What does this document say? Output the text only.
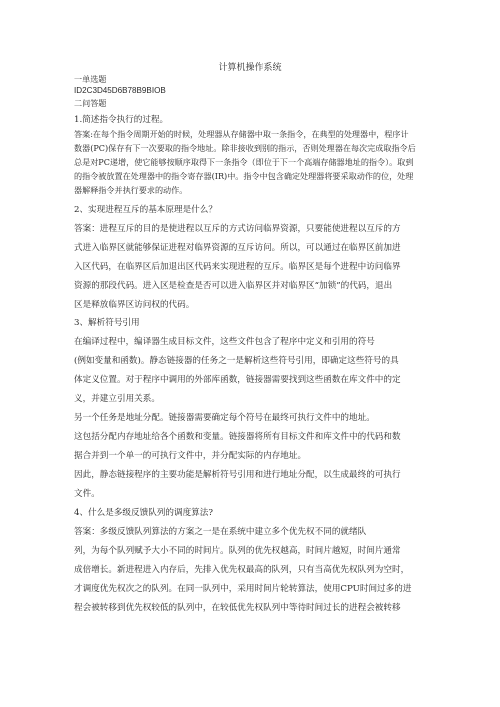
计算机操作系统
一单选题
ID2C3D45D6B78B9BIOB
二问答题
1.简述指令执行的过程。
答案:在每个指令周期开始的时候，处理器从存储器中取一条指令，在典型的处理器中，程序计
数器(PC)保存有下一次要取的指令地址。除非接收到别的指示，否则处理器在每次完成取指令后
总是对PC递增，使它能够按顺序取得下一条指令（即位于下一个高端存储器地址的指令）。取到
的指令被放置在处理器中的指令寄存器(IR)中。指令中包含确定处理器将要采取动作的位，处理
器解释指令并执行要求的动作。
2、实现进程互斥的基本原理是什么？
答案：进程互斥的目的是使进程以互斥的方式访问临界资源，只要能使进程以互斥的方
式进入临界区就能够保证进程对临界资源的互斥访问。所以，可以通过在临界区前加进
入区代码，在临界区后加退出区代码来实现进程的互斥。临界区是每个进程中访问临界
资源的那段代码。进入区是检查是否可以进入临界区并对临界区“加锁”的代码，退出
区是释放临界区访问权的代码。
3、解析符号引用
在编译过程中，编译器生成目标文件，这些文件包含了程序中定义和引用的符号
(例如变量和函数)。静态链接器的任务之一是解析这些符号引用，即确定这些符号的具
体定义位置。对于程序中调用的外部库函数，链接器需要找到这些函数在库文件中的定
义，并建立引用关系。
另一个任务是地址分配。链接器需要确定每个符号在最终可执行文件中的地址。
这包括分配内存地址给各个函数和变量。链接器将所有目标文件和库文件中的代码和数
据合并到一个单一的可执行文件中，并分配实际的内存地址。
因此，静态链接程序的主要功能是解析符号引用和进行地址分配，以生成最终的可执行
文件。
4、什么是多级反馈队列的调度算法?
答案：多级反馈队列算法的方案之一是在系统中建立多个优先权不同的就绪队
列，为每个队列赋予大小不同的时间片。队列的优先权越高，时间片越短，时间片通常
成倍增长。新进程进入内存后，先排入优先权最高的队列，只有当高优先权队列为空时，
才调度优先权次之的队列。在同一队列中，采用时间片轮转算法，使用CPU时间过多的进
程会被转移到优先权较低的队列中，在较低优先权队列中等待时间过长的进程会被转移
